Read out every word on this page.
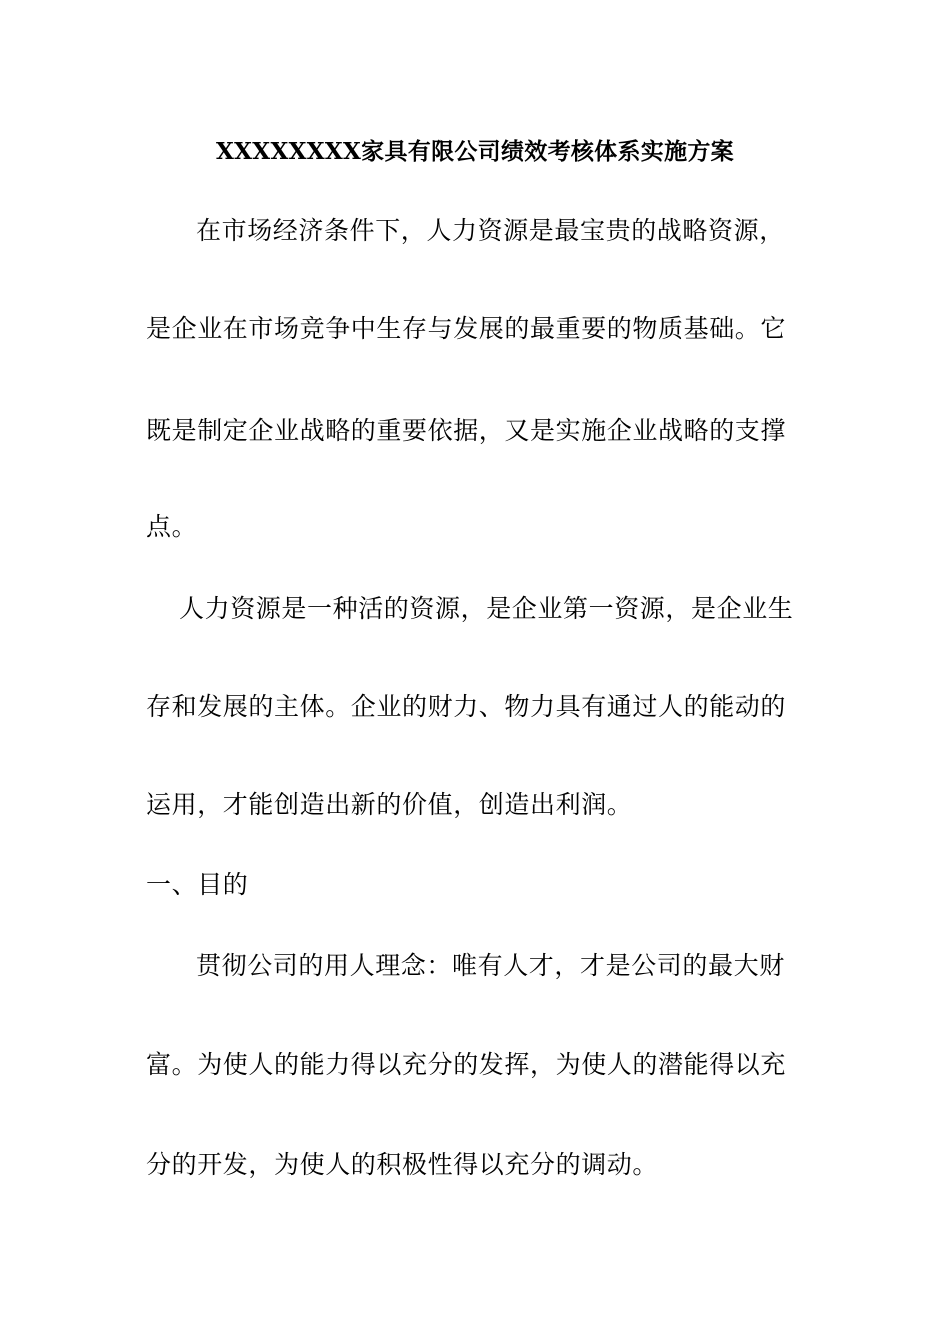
XXXXXXXX家具有限公司绩效考核体系实施方案

在市场经济条件下，人力资源是最宝贵的战略资源，

是企业在市场竞争中生存与发展的最重要的物质基础。它

既是制定企业战略的重要依据，又是实施企业战略的支撑

点。

人力资源是一种活的资源，是企业第一资源，是企业生

存和发展的主体。企业的财力、物力具有通过人的能动的

运用，才能创造出新的价值，创造出利润。

一、目的

贯彻公司的用人理念：唯有人才，才是公司的最大财

富。为使人的能力得以充分的发挥，为使人的潜能得以充

分的开发，为使人的积极性得以充分的调动。
